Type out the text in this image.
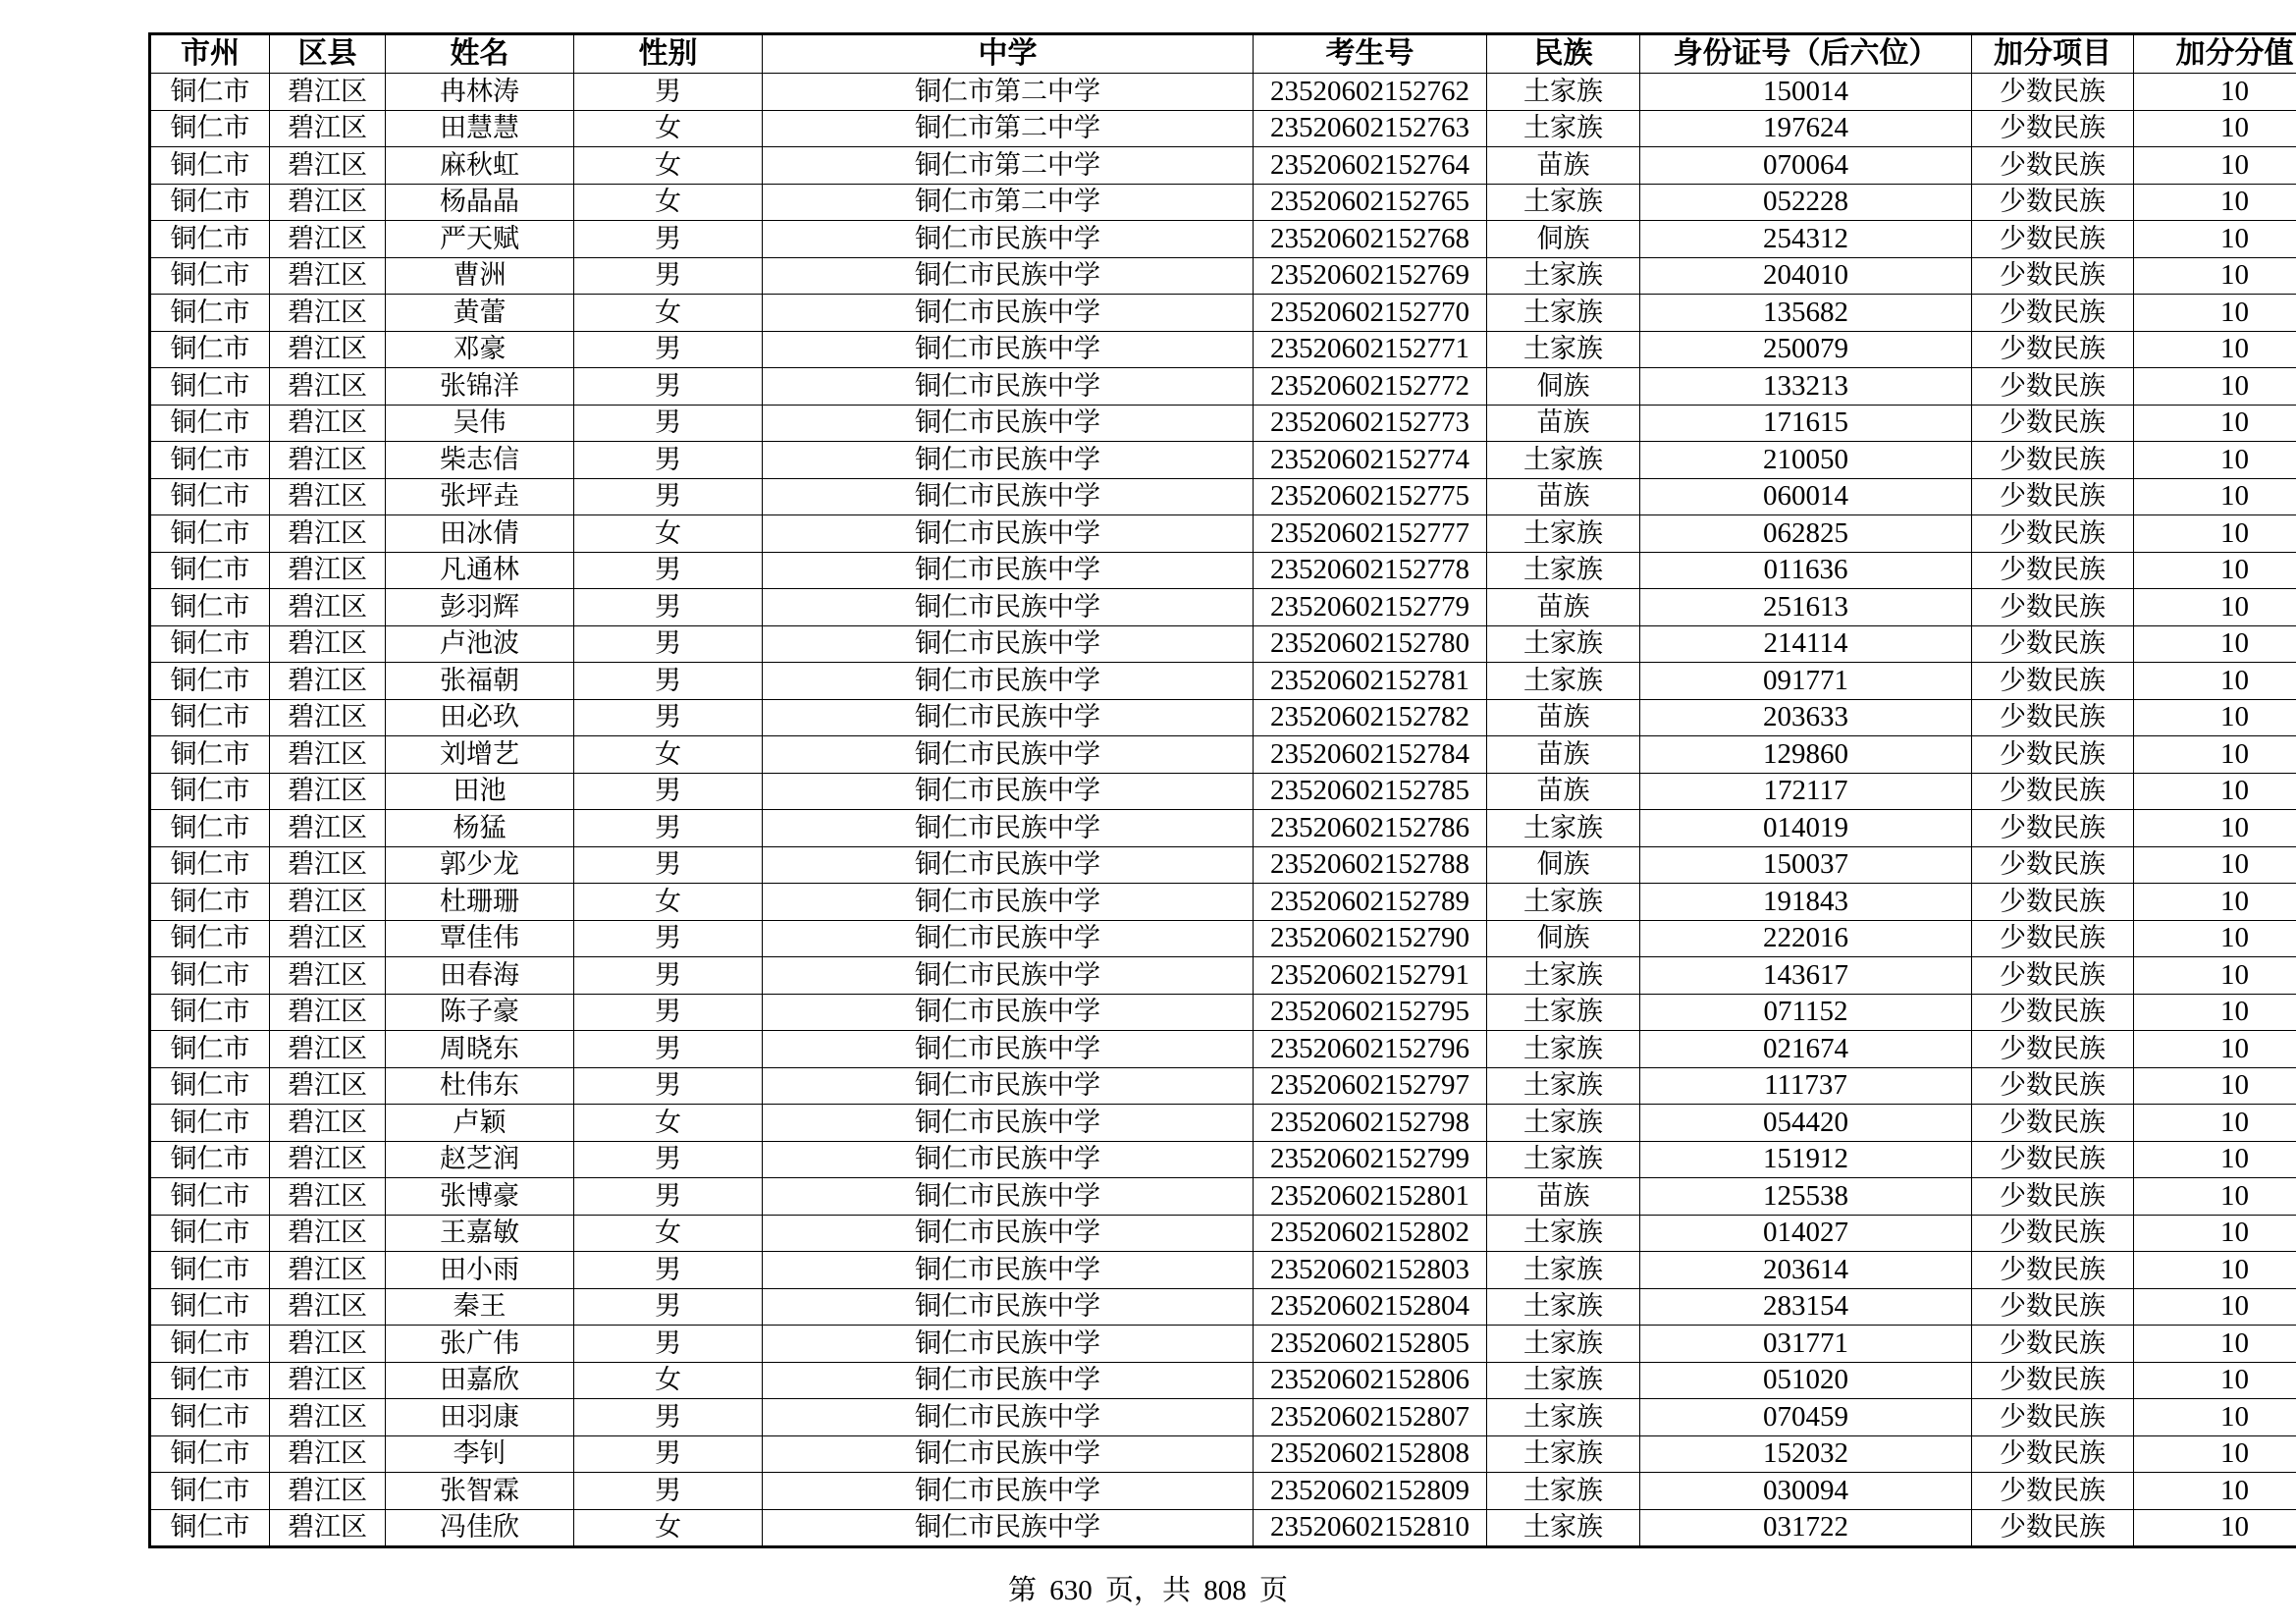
市州	区县	姓名	性别	中学	考生号	民族	身份证号（后六位）	加分项目	加分分值
铜仁市	碧江区	冉林涛	男	铜仁市第二中学	23520602152762	土家族	150014	少数民族	10
铜仁市	碧江区	田慧慧	女	铜仁市第二中学	23520602152763	土家族	197624	少数民族	10
铜仁市	碧江区	麻秋虹	女	铜仁市第二中学	23520602152764	苗族	070064	少数民族	10
铜仁市	碧江区	杨晶晶	女	铜仁市第二中学	23520602152765	土家族	052228	少数民族	10
铜仁市	碧江区	严天赋	男	铜仁市民族中学	23520602152768	侗族	254312	少数民族	10
铜仁市	碧江区	曹洲	男	铜仁市民族中学	23520602152769	土家族	204010	少数民族	10
铜仁市	碧江区	黄蕾	女	铜仁市民族中学	23520602152770	土家族	135682	少数民族	10
铜仁市	碧江区	邓豪	男	铜仁市民族中学	23520602152771	土家族	250079	少数民族	10
铜仁市	碧江区	张锦洋	男	铜仁市民族中学	23520602152772	侗族	133213	少数民族	10
铜仁市	碧江区	吴伟	男	铜仁市民族中学	23520602152773	苗族	171615	少数民族	10
铜仁市	碧江区	柴志信	男	铜仁市民族中学	23520602152774	土家族	210050	少数民族	10
铜仁市	碧江区	张坪垚	男	铜仁市民族中学	23520602152775	苗族	060014	少数民族	10
铜仁市	碧江区	田冰倩	女	铜仁市民族中学	23520602152777	土家族	062825	少数民族	10
铜仁市	碧江区	凡通林	男	铜仁市民族中学	23520602152778	土家族	011636	少数民族	10
铜仁市	碧江区	彭羽辉	男	铜仁市民族中学	23520602152779	苗族	251613	少数民族	10
铜仁市	碧江区	卢池波	男	铜仁市民族中学	23520602152780	土家族	214114	少数民族	10
铜仁市	碧江区	张福朝	男	铜仁市民族中学	23520602152781	土家族	091771	少数民族	10
铜仁市	碧江区	田必玖	男	铜仁市民族中学	23520602152782	苗族	203633	少数民族	10
铜仁市	碧江区	刘增艺	女	铜仁市民族中学	23520602152784	苗族	129860	少数民族	10
铜仁市	碧江区	田池	男	铜仁市民族中学	23520602152785	苗族	172117	少数民族	10
铜仁市	碧江区	杨猛	男	铜仁市民族中学	23520602152786	土家族	014019	少数民族	10
铜仁市	碧江区	郭少龙	男	铜仁市民族中学	23520602152788	侗族	150037	少数民族	10
铜仁市	碧江区	杜珊珊	女	铜仁市民族中学	23520602152789	土家族	191843	少数民族	10
铜仁市	碧江区	覃佳伟	男	铜仁市民族中学	23520602152790	侗族	222016	少数民族	10
铜仁市	碧江区	田春海	男	铜仁市民族中学	23520602152791	土家族	143617	少数民族	10
铜仁市	碧江区	陈子豪	男	铜仁市民族中学	23520602152795	土家族	071152	少数民族	10
铜仁市	碧江区	周晓东	男	铜仁市民族中学	23520602152796	土家族	021674	少数民族	10
铜仁市	碧江区	杜伟东	男	铜仁市民族中学	23520602152797	土家族	111737	少数民族	10
铜仁市	碧江区	卢颖	女	铜仁市民族中学	23520602152798	土家族	054420	少数民族	10
铜仁市	碧江区	赵芝润	男	铜仁市民族中学	23520602152799	土家族	151912	少数民族	10
铜仁市	碧江区	张博豪	男	铜仁市民族中学	23520602152801	苗族	125538	少数民族	10
铜仁市	碧江区	王嘉敏	女	铜仁市民族中学	23520602152802	土家族	014027	少数民族	10
铜仁市	碧江区	田小雨	男	铜仁市民族中学	23520602152803	土家族	203614	少数民族	10
铜仁市	碧江区	秦王	男	铜仁市民族中学	23520602152804	土家族	283154	少数民族	10
铜仁市	碧江区	张广伟	男	铜仁市民族中学	23520602152805	土家族	031771	少数民族	10
铜仁市	碧江区	田嘉欣	女	铜仁市民族中学	23520602152806	土家族	051020	少数民族	10
铜仁市	碧江区	田羽康	男	铜仁市民族中学	23520602152807	土家族	070459	少数民族	10
铜仁市	碧江区	李钊	男	铜仁市民族中学	23520602152808	土家族	152032	少数民族	10
铜仁市	碧江区	张智霖	男	铜仁市民族中学	23520602152809	土家族	030094	少数民族	10
铜仁市	碧江区	冯佳欣	女	铜仁市民族中学	23520602152810	土家族	031722	少数民族	10
第 630 页，共 808 页
